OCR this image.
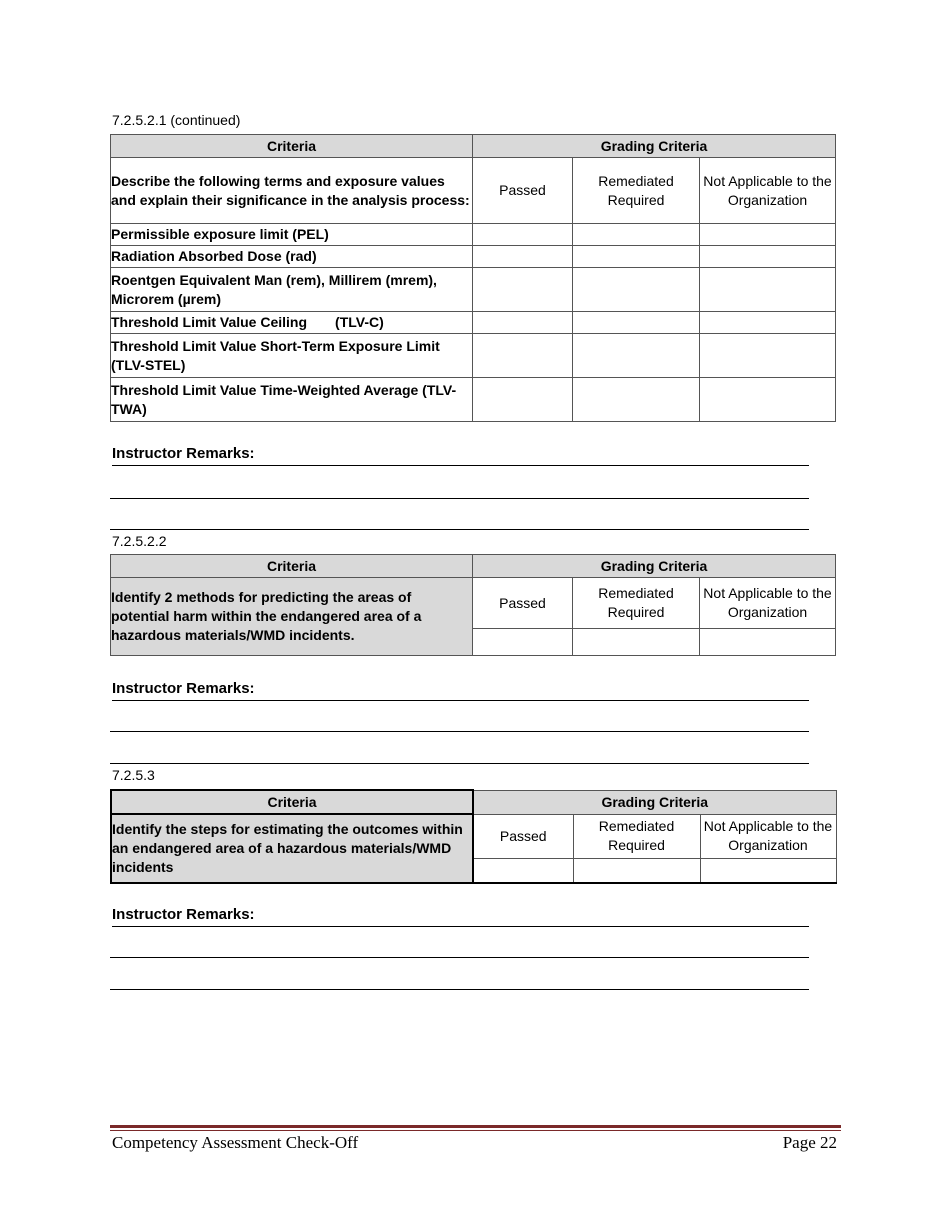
7.2.5.2.1 (continued)
Criteria	Grading Criteria		
Describe the following terms and exposure values and explain their significance in the analysis process:	Passed	Remediated Required	Not Applicable to the Organization
Permissible exposure limit (PEL)			
Radiation Absorbed Dose (rad)			
Roentgen Equivalent Man (rem), Millirem (mrem), Microrem (µrem)			
Threshold Limit Value Ceiling (TLV-C)			
Threshold Limit Value Short-Term Exposure Limit (TLV-STEL)			
Threshold Limit Value Time-Weighted Average (TLV-TWA)			
Instructor Remarks:
7.2.5.2.2
Criteria	Grading Criteria		
Identify 2 methods for predicting the areas of potential harm within the endangered area of a hazardous materials/WMD incidents.	Passed	Remediated Required	Not Applicable to the Organization

Instructor Remarks:
7.2.5.3
Criteria	Grading Criteria		
Identify the steps for estimating the outcomes within an endangered area of a hazardous materials/WMD incidents	Passed	Remediated Required	Not Applicable to the Organization

Instructor Remarks:
Competency Assessment Check-Off	Page 22
